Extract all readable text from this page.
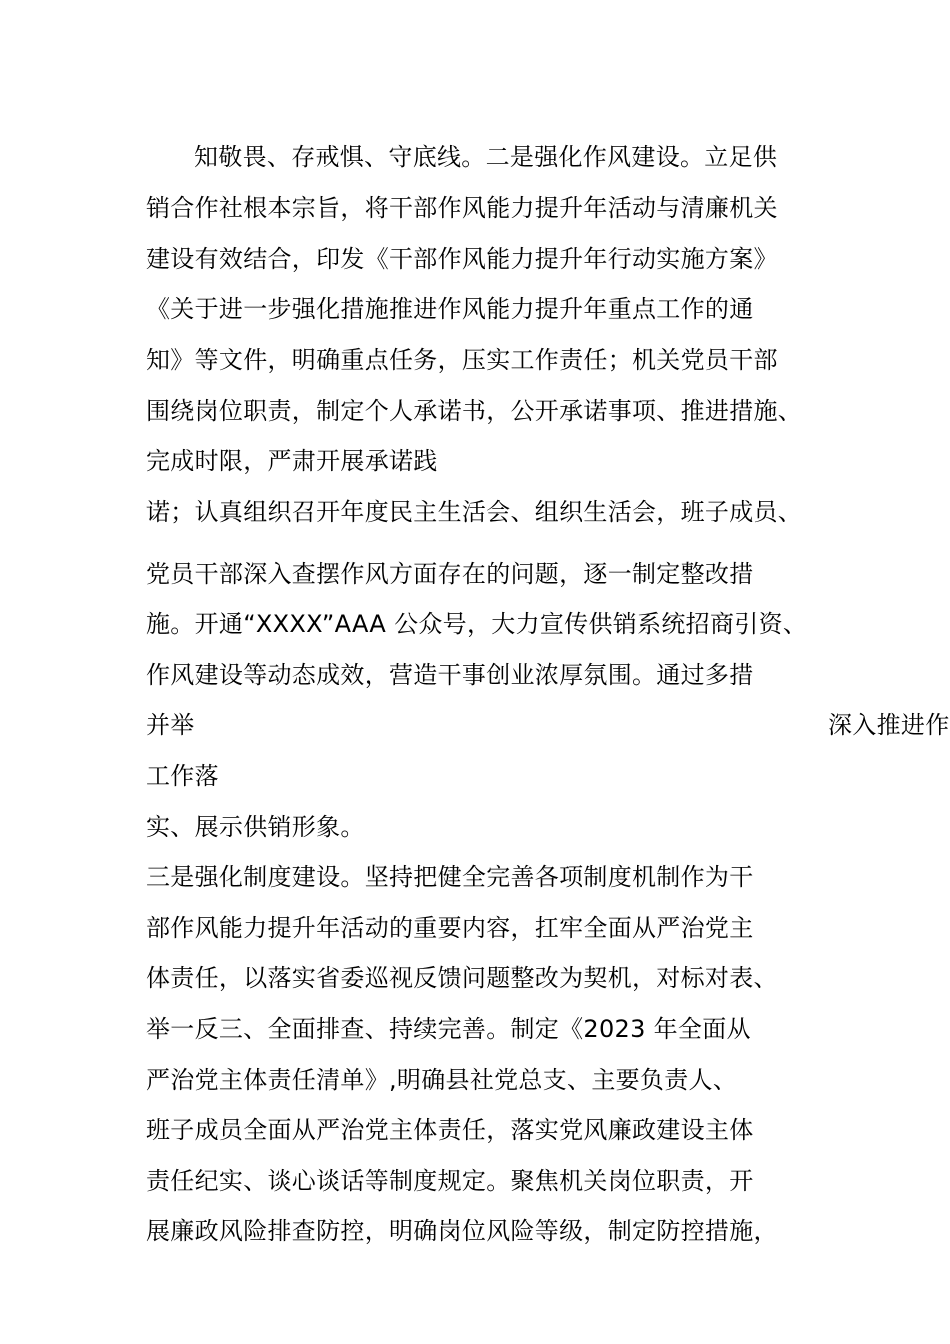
知敬畏、存戒惧、守底线。二是强化作风建设。立足供
销合作社根本宗旨，将干部作风能力提升年活动与清廉机关
建设有效结合，印发《干部作风能力提升年行动实施方案》
《关于进一步强化措施推进作风能力提升年重点工作的通
知》等文件，明确重点任务，压实工作责任；机关党员干部
围绕岗位职责，制定个人承诺书，公开承诺事项、推进措施、
完成时限，严肃开展承诺践
诺；认真组织召开年度民主生活会、组织生活会，班子成员、
党员干部深入查摆作风方面存在的问题，逐一制定整改措
施。开通“XXXX”AAA 公众号，大力宣传供销系统招商引资、
作风建设等动态成效，营造干事创业浓厚氛围。通过多措
并举	深入推进作
工作落
实、展示供销形象。
三是强化制度建设。坚持把健全完善各项制度机制作为干
部作风能力提升年活动的重要内容，扛牢全面从严治党主
体责任，以落实省委巡视反馈问题整改为契机，对标对表、
举一反三、全面排查、持续完善。制定《2023 年全面从
严治党主体责任清单》,明确县社党总支、主要负责人、
班子成员全面从严治党主体责任，落实党风廉政建设主体
责任纪实、谈心谈话等制度规定。聚焦机关岗位职责，开
展廉政风险排查防控，明确岗位风险等级，制定防控措施，
